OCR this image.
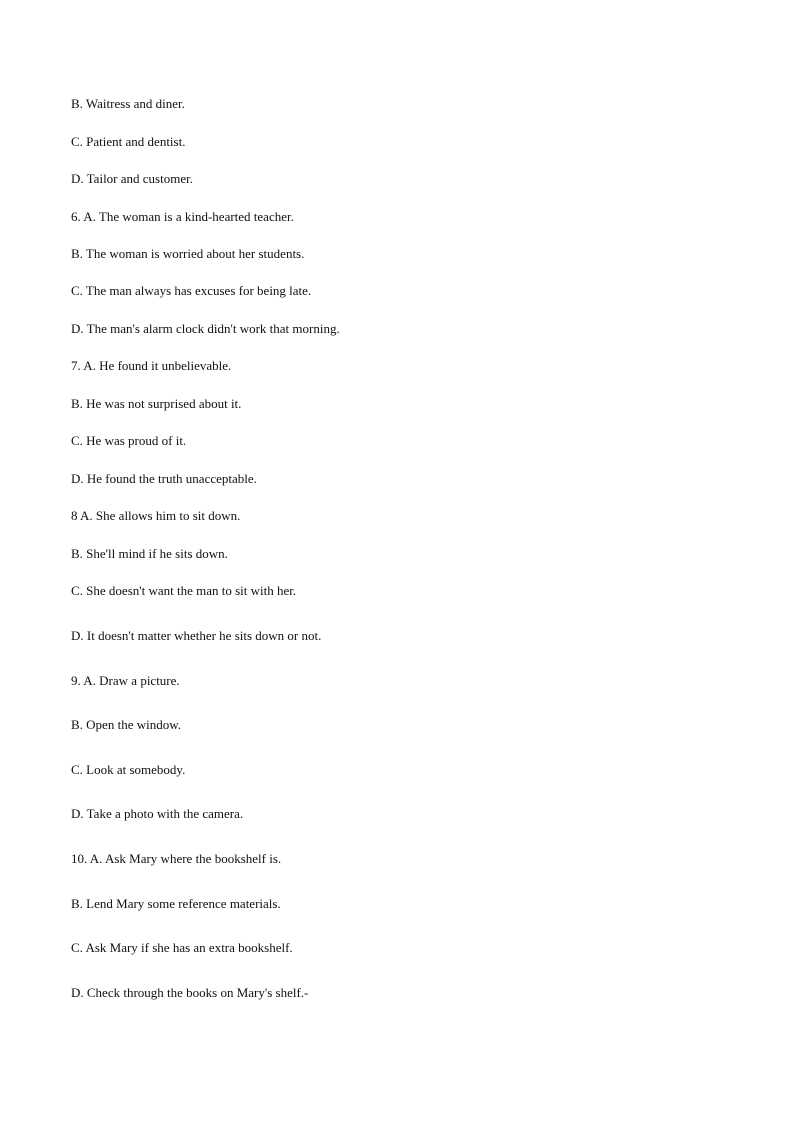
B. Waitress and diner.
C. Patient and dentist.
D. Tailor and customer.
6. A. The woman is a kind-hearted teacher.
B. The woman is worried about her students.
C. The man always has excuses for being late.
D. The man's alarm clock didn't work that morning.
7. A. He found it unbelievable.
B. He was not surprised about it.
C. He was proud of it.
D. He found the truth unacceptable.
8 A. She allows him to sit down.
B. She'll mind if he sits down.
C. She doesn't want the man to sit with her.
D. It doesn't matter whether he sits down or not.
9. A. Draw a picture.
B. Open the window.
C. Look at somebody.
D. Take a photo with the camera.
10. A. Ask Mary where the bookshelf is.
B. Lend Mary some reference materials.
C. Ask Mary if she has an extra bookshelf.
D. Check through the books on Mary's shelf.-
